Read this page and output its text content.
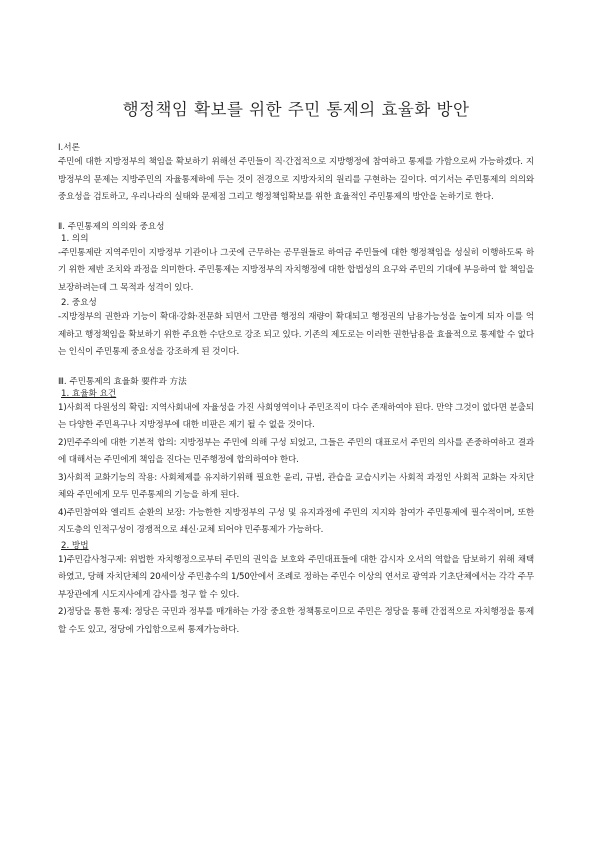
행정책임 확보를 위한 주민 통제의 효율화 방안

Ⅰ.서론

주민에 대한 지방정부의 책임을 확보하기 위해선 주민들이 직·간접적으로 지방행정에 참여하고 통제를 가함으로써 가능하겠다. 지방정부의 문제는 지방주민의 자율통제하에 두는 것이 전경으로 지방자치의 원리를 구현하는 길이다. 여기서는 주민통제의 의의와 중요성을 검토하고, 우리나라의 실태와 문제점 그리고 행정책임확보를 위한 효율적인 주민통제의 방안을 논하기로 한다.

Ⅱ. 주민통제의 의의와 중요성

1. 의의

-주민통제란 지역주민이 지방정부 기관이나 그곳에 근무하는 공무원들로 하여금 주민들에 대한 행정책임을 성실히 이행하도록 하기 위한 제반 조치와 과정을 의미한다. 주민통제는 지방정부의 자치행정에 대한 합법성의 요구와 주민의 기대에 부응하여 할 책임을 보장하려는데 그 목적과 성격이 있다.

2. 중요성

-지방정부의 권한과 기능이 확대·강화·전문화 되면서 그만큼 행정의 재량이 확대되고 행정권의 남용가능성을 높이게 되자 이를 억제하고 행정책임을 확보하기 위한 주요한 수단으로 강조 되고 있다. 기존의 제도로는 이러한 권한남용을 효율적으로 통제할 수 없다는 인식이 주민통제 중요성을 강조하게 된 것이다.

Ⅲ. 주민통제의 효율화 要件과 方法

1. 효율화 요건

1)사회적 다원성의 확립: 지역사회내에 자율성을 가진 사회영역이나 주민조직이 다수 존재하여야 된다. 만약 그것이 없다면 분출되는 다양한 주민욕구나 지방정부에 대한 비판은 제기 될 수 없을 것이다.

2)민주주의에 대한 기본적 합의: 지방정부는 주민에 의해 구성 되었고, 그들은 주민의 대표로서 주민의 의사를 존중하여하고 결과에 대해서는 주민에게 책임을 진다는 민주행정에 합의하여야 한다.

3)사회적 교화기능의 작용: 사회체제를 유지하기위해 필요한 윤리, 규범, 관습을 교습시키는 사회적 과정인 사회적 교화는 자치단체와 주민에게 모두 민주통제의 기능을 하게 된다.

4)주민참여와 엘리트 순환의 보장: 가능한한 지방정부의 구성 및 유지과정에 주민의 지지와 참여가 주민통제에 필수적이며, 또한 지도층의 인적구성이 경쟁적으로 쇄신·교체 되어야 민주통제가 가능하다.

2. 방법

1)주민감사청구제: 위법한 자치행정으로부터 주민의 권익을 보호와 주민대표들에 대한 감시자 오서의 역할을 담보하기 위해 채택하였고, 당해 자치단체의 20세이상 주민총수의 1/50안에서 조례로 정하는 주민수 이상의 연서로 광역과 기초단체에서는 각각 주무부장관에게 시도지사에게 감사를 청구 할 수 있다.

2)정당을 통한 통제: 정당은 국민과 정부를 매개하는 가장 중요한 정책통로이므로 주민은 정당을 통해 간접적으로 자치행정을 통제할 수도 있고, 정당에 가입함으로써 통제가능하다.
